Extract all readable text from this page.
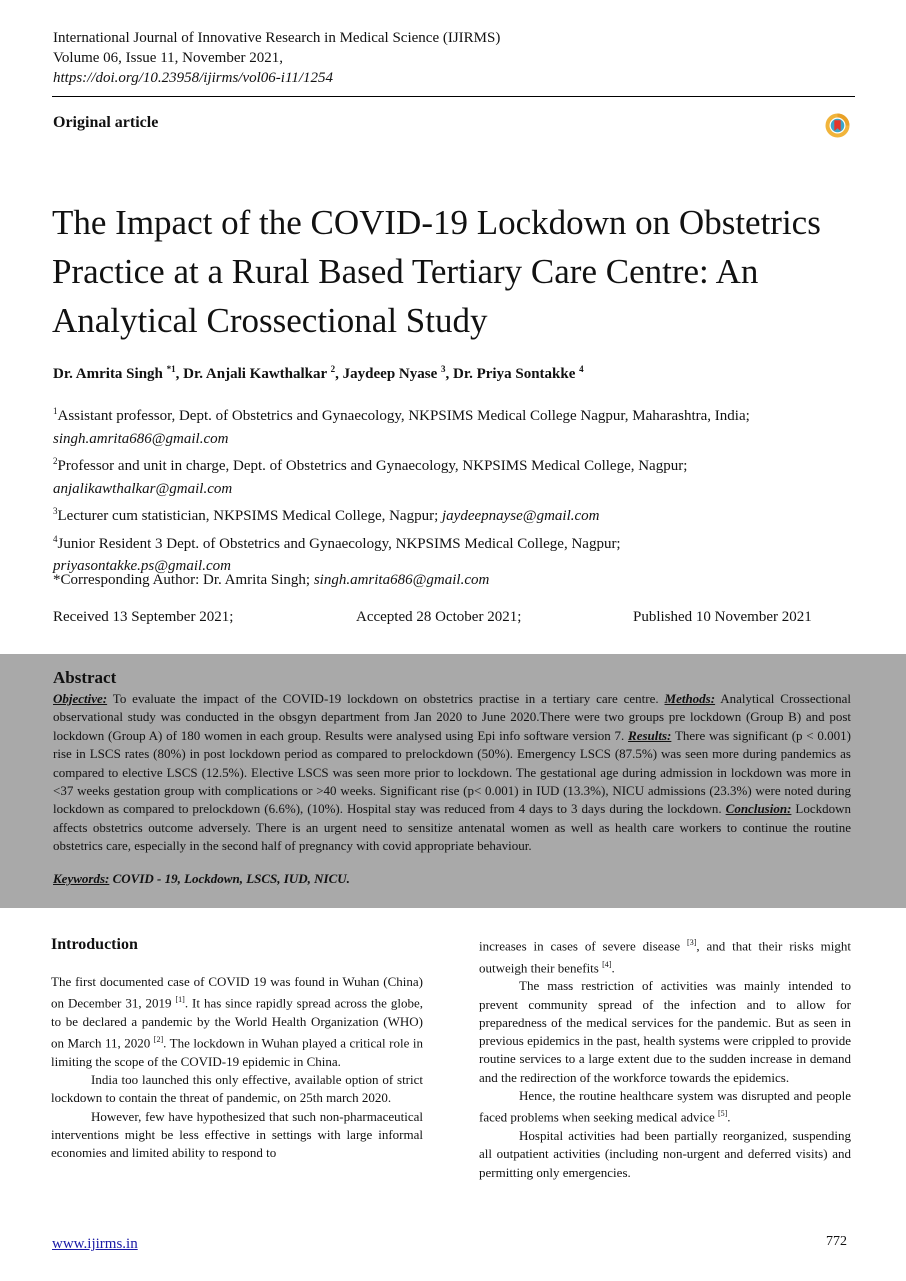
International Journal of Innovative Research in Medical Science (IJIRMS)
Volume 06, Issue 11, November 2021,
https://doi.org/10.23958/ijirms/vol06-i11/1254
Original article
The Impact of the COVID-19 Lockdown on Obstetrics Practice at a Rural Based Tertiary Care Centre: An Analytical Crossectional Study
Dr. Amrita Singh $^{*1}$, Dr. Anjali Kawthalkar $^2$, Jaydeep Nyase $^3$, Dr. Priya Sontakke $^4$
$^1$Assistant professor, Dept. of Obstetrics and Gynaecology, NKPSIMS Medical College Nagpur, Maharashtra, India;
singh.amrita686@gmail.com
$^2$Professor and unit in charge, Dept. of Obstetrics and Gynaecology, NKPSIMS Medical College, Nagpur;
anjalikawthalkar@gmail.com
$^3$Lecturer cum statistician, NKPSIMS Medical College, Nagpur; jaydeepnayse@gmail.com
$^4$Junior Resident 3 Dept. of Obstetrics and Gynaecology, NKPSIMS Medical College, Nagpur;
priyasontakke.ps@gmail.com
*Corresponding Author: Dr. Amrita Singh; singh.amrita686@gmail.com
Received 13 September 2021;	Accepted 28 October 2021;	Published 10 November 2021
Abstract
Objective: To evaluate the impact of the COVID-19 lockdown on obstetrics practise in a tertiary care centre. Methods: Analytical Crossectional observational study was conducted in the obsgyn department from Jan 2020 to June 2020.There were two groups pre lockdown (Group B) and post lockdown (Group A) of 180 women in each group. Results were analysed using Epi info software version 7. Results: There was significant (p < 0.001) rise in LSCS rates (80%) in post lockdown period as compared to prelockdown (50%). Emergency LSCS (87.5%) was seen more during pandemics as compared to elective LSCS (12.5%). Elective LSCS was seen more prior to lockdown. The gestational age during admission in lockdown was more in <37 weeks gestation group with complications or >40 weeks. Significant rise (p< 0.001) in IUD (13.3%), NICU admissions (23.3%) were noted during lockdown as compared to prelockdown (6.6%), (10%). Hospital stay was reduced from 4 days to 3 days during the lockdown. Conclusion: Lockdown affects obstetrics outcome adversely. There is an urgent need to sensitize antenatal women as well as health care workers to continue the routine obstetrics care, especially in the second half of pregnancy with covid appropriate behaviour.
Keywords: COVID - 19, Lockdown, LSCS, IUD, NICU.
Introduction

The first documented case of COVID 19 was found in Wuhan (China) on December 31, 2019 [1]. It has since rapidly spread across the globe, to be declared a pandemic by the World Health Organization (WHO) on March 11, 2020 [2]. The lockdown in Wuhan played a critical role in limiting the scope of the COVID-19 epidemic in China.

India too launched this only effective, available option of strict lockdown to contain the threat of pandemic, on 25th march 2020.

However, few have hypothesized that such non-pharmaceutical interventions might be less effective in settings with large informal economies and limited ability to respond to

increases in cases of severe disease [3], and that their risks might outweigh their benefits [4].

The mass restriction of activities was mainly intended to prevent community spread of the infection and to allow for preparedness of the medical services for the pandemic. But as seen in previous epidemics in the past, health systems were crippled to provide routine services to a large extent due to the sudden increase in demand and the redirection of the workforce towards the epidemics.

Hence, the routine healthcare system was disrupted and people faced problems when seeking medical advice [5].

Hospital activities had been partially reorganized, suspending all outpatient activities (including non-urgent and deferred visits) and permitting only emergencies.

www.ijirms.in	772
